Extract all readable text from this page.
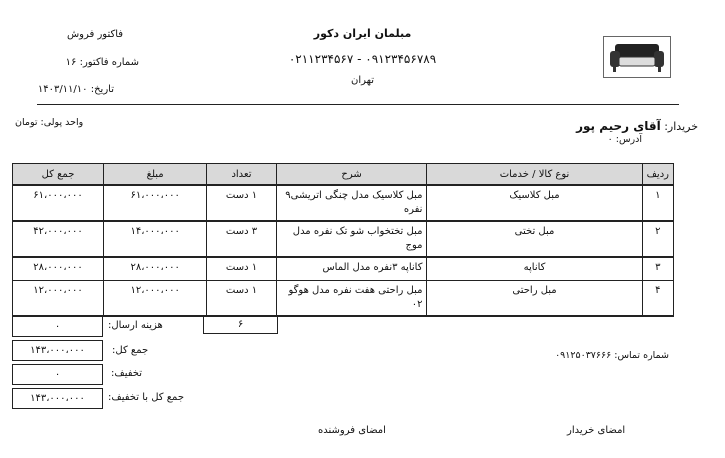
مبلمان ایران دکور
۰۲۱۱۲۳۴۵۶۷ - ۰۹۱۲۳۴۵۶۷۸۹
تهران
فاکتور فروش
شماره فاکتور: ۱۶
تاریخ: ۱۴۰۳/۱۱/۱۰
خریدار: آقای رحیم پور
آدرس: ۰
واحد پولی: تومان
ردیف	نوع کالا / خدمات	شرح	تعداد	مبلغ	جمع کل
۱	مبل کلاسیک	مبل کلاسیک مدل چنگی اتریشی۹ نفره	۱ دست	۶۱،۰۰۰،۰۰۰	۶۱،۰۰۰،۰۰۰
۲	مبل تختی	مبل تختخواب شو تک نفره مدل موج	۳ دست	۱۴،۰۰۰،۰۰۰	۴۲،۰۰۰،۰۰۰
۳	کاناپه	کاناپه ۳نفره مدل الماس	۱ دست	۲۸،۰۰۰،۰۰۰	۲۸،۰۰۰،۰۰۰
۴	مبل راحتی	مبل راحتی هفت نفره مدل هوگو ۰۲	۱ دست	۱۲،۰۰۰،۰۰۰	۱۲،۰۰۰،۰۰۰
۶
۰	هزینه ارسال:
۱۴۳،۰۰۰،۰۰۰	جمع کل:
۰	تخفیف:
۱۴۳،۰۰۰،۰۰۰	جمع کل با تخفیف:
شماره تماس: ۰۹۱۲۵۰۳۷۶۶۶
امضای فروشنده	امضای خریدار
